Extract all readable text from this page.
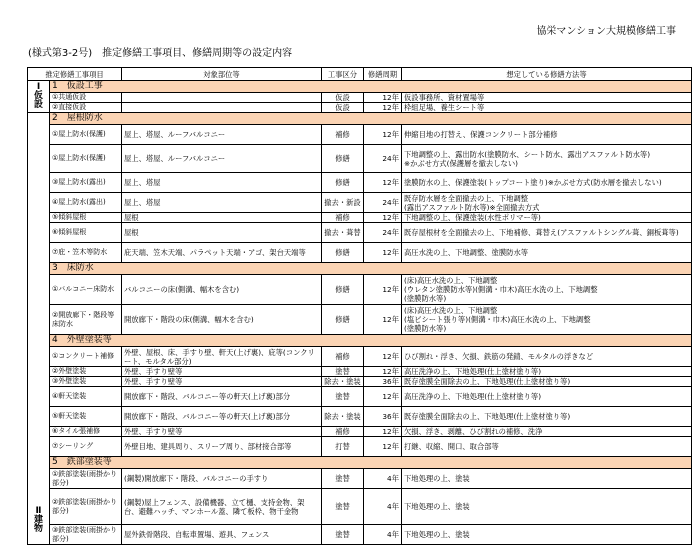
協栄マンション大規模修繕工事
(様式第3-2号)　推定修繕工事項目、修繕周期等の設定内容
推定修繕工事項目		対象部位等	工事区分	修繕周期	想定している修繕方法等
Ⅰ
仮設	1　仮設工事				
	①共通仮設		仮設	12年	仮設事務所、資材置場等
	②直接仮設		仮設	12年	枠組足場、養生シート等
Ⅱ
建物	2　屋根防水				
	①屋上防水(保護)	屋上、塔屋、ルーフバルコニー	補修	12年	伸縮目地の打替え、保護コンクリート部分補修
	①屋上防水(保護)	屋上、塔屋、ルーフバルコニー	修繕	24年	下地調整の上、露出防水(塗膜防水、シート防水、露出アスファルト防水等)
※かぶせ方式(保護層を撤去しない)
	③屋上防水(露出)	屋上、塔屋	修繕	12年	塗膜防水の上、保護塗装(トップコート塗り)※かぶせ方式(防水層を撤去しない)
	④屋上防水(露出)	屋上、塔屋	撤去・新設	24年	既存防水層を全面撤去の上、下地調整
(露出アスファルト防水等)※全面撤去方式
	⑤傾斜屋根	屋根	補修	12年	下地調整の上、保護塗装(水性ポリマー等)
	⑥傾斜屋根	屋根	撤去・葺替	24年	既存屋根材を全面撤去の上、下地補修、葺替え(アスファルトシングル葺、銅板葺等)
	⑦庇・笠木等防水	庇天端、笠木天端、パラペット天端・アゴ、架台天端等	修繕	12年	高圧水洗の上、下地調整、塗膜防水等
	3　床防水				
	①バルコニー床防水	バルコニーの床(側溝、幅木を含む)	修繕	12年	(床)高圧水洗の上、下地調整
(ウレタン塗膜防水等)(側溝・巾木)高圧水洗の上、下地調整
(塗膜防水等)
	②開放廊下・階段等床防水	開放廊下・階段の床(側溝、幅木を含む)	修繕	12年	(床)高圧水洗の上、下地調整
(塩ビシート張り等)(側溝・巾木)高圧水洗の上、下地調整
(塗膜防水等)
	4　外壁塗装等				
	①コンクリート補修	外壁、屋根、床、手すり壁、軒天(上げ裏)、庇等(コンクリート、モルタル部分)	補修	12年	ひび割れ・浮き、欠損、鉄筋の発錆、モルタルの浮きなど
	②外壁塗装	外壁、手すり壁等	塗替	12年	高圧洗浄の上、下地処理(仕上塗材塗り等)
	③外壁塗装	外壁、手すり壁等	除去・塗装	36年	既存塗膜全面除去の上、下地処理(仕上塗材塗り等)
	④軒天塗装	開放廊下・階段、バルコニー等の軒天(上げ裏)部分	塗替	12年	高圧洗浄の上、下地処理(仕上塗材塗り等)
	⑤軒天塗装	開放廊下・階段、バルコニー等の軒天(上げ裏)部分	除去・塗装	36年	既存塗膜全面除去の上、下地処理(仕上塗材塗り等)
	⑥タイル張補修	外壁、手すり壁等	補修	12年	欠損、浮き、剥離、ひび割れの補修、洗浄
	⑦シーリング	外壁目地、建具周り、スリーブ周り、部材接合部等	打替	12年	打継、収縮、開口、取合部等
	5　鉄部塗装等				
	①鉄部塗装(雨掛かり部分)	(鋼製)開放廊下・階段、バルコニーの手すり	塗替	4年	下地処理の上、塗装
	②鉄部塗装(雨掛かり部分)	(鋼製)屋上フェンス、設備機器、立て樋、支持金物、架台、避難ハッチ、マンホール蓋、隣て板枠、物干金物	塗替	4年	下地処理の上、塗装
	③鉄部塗装(雨掛かり部分)	屋外鉄骨階段、自転車置場、遊具、フェンス	塗替	4年	下地処理の上、塗装
